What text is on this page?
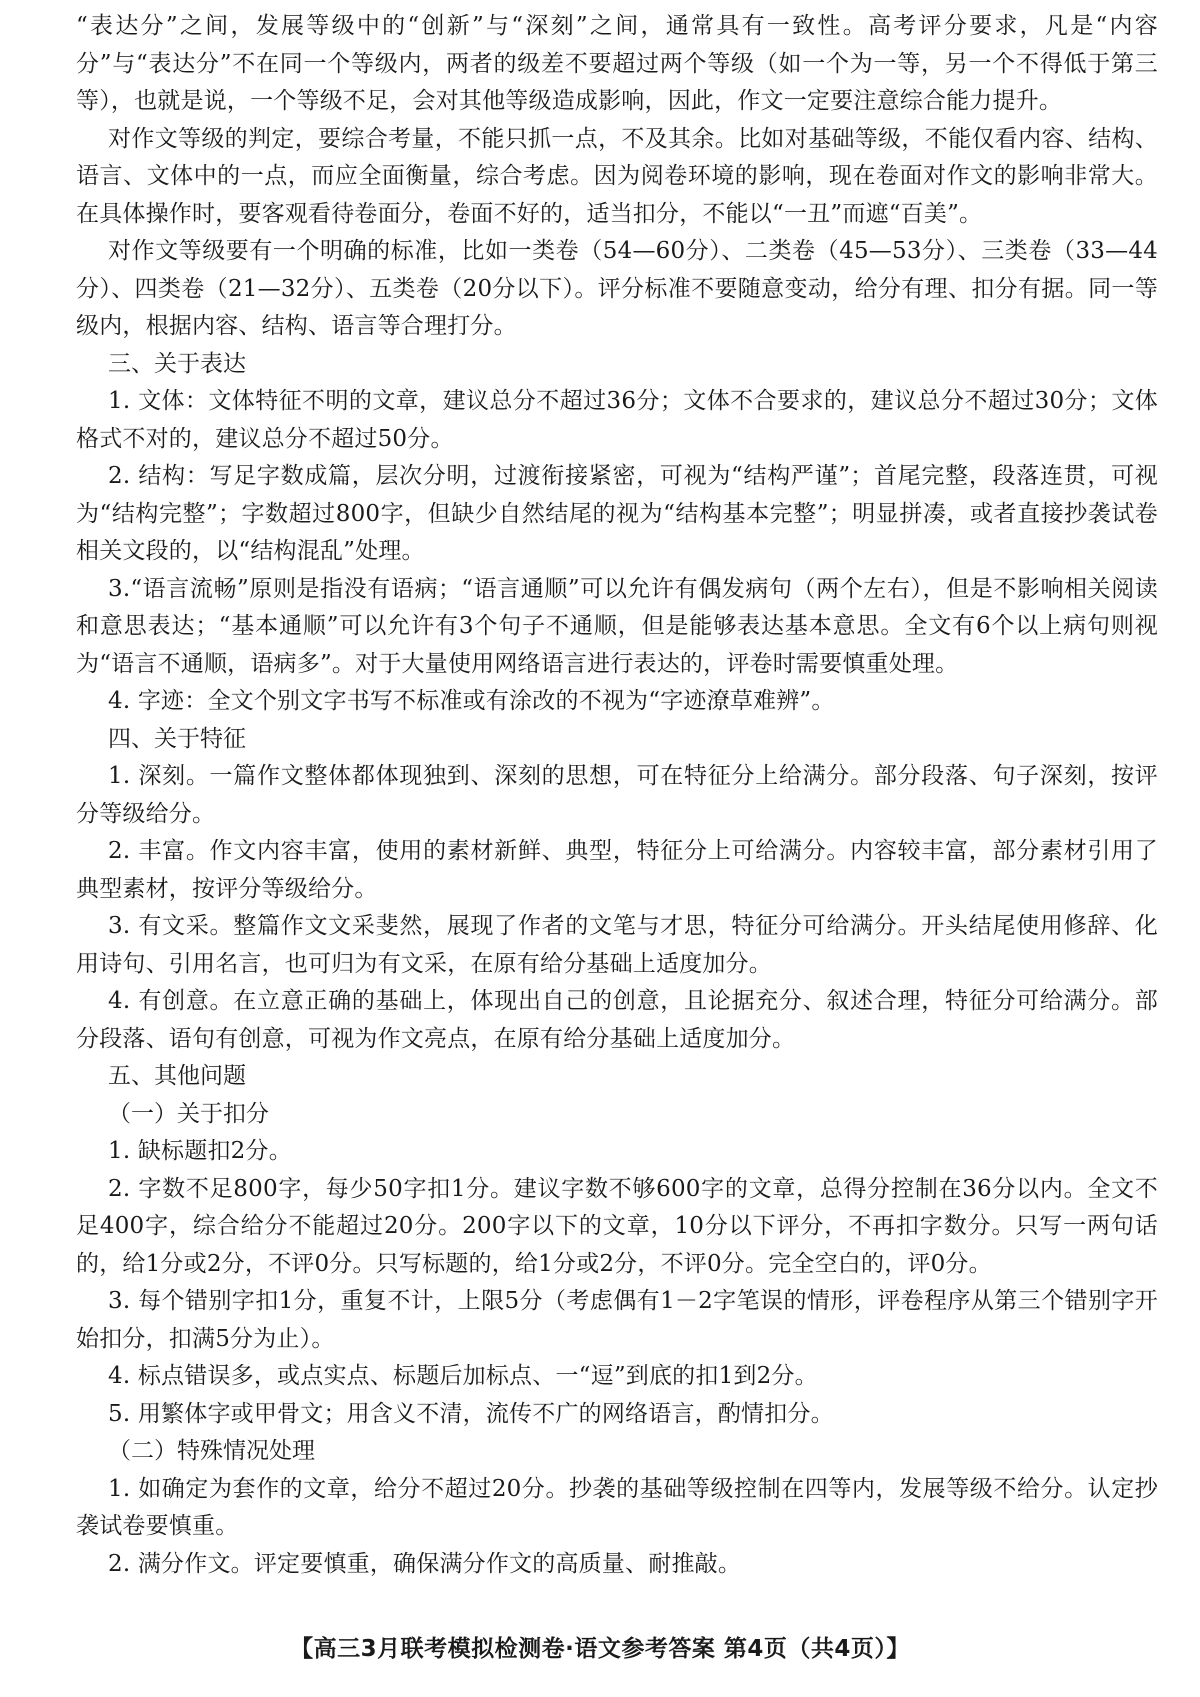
“表达分”之间，发展等级中的“创新”与“深刻”之间，通常具有一致性。高考评分要求，凡是“内容分”与“表达分”不在同一个等级内，两者的级差不要超过两个等级（如一个为一等，另一个不得低于第三等），也就是说，一个等级不足，会对其他等级造成影响，因此，作文一定要注意综合能力提升。

对作文等级的判定，要综合考量，不能只抓一点，不及其余。比如对基础等级，不能仅看内容、结构、语言、文体中的一点，而应全面衡量，综合考虑。因为阅卷环境的影响，现在卷面对作文的影响非常大。在具体操作时，要客观看待卷面分，卷面不好的，适当扣分，不能以“一丑”而遮“百美”。

对作文等级要有一个明确的标准，比如一类卷（54—60分）、二类卷（45—53分）、三类卷（33—44分）、四类卷（21—32分）、五类卷（20分以下）。评分标准不要随意变动，给分有理、扣分有据。同一等级内，根据内容、结构、语言等合理打分。

三、关于表达

1. 文体：文体特征不明的文章，建议总分不超过36分；文体不合要求的，建议总分不超过30分；文体格式不对的，建议总分不超过50分。

2. 结构：写足字数成篇，层次分明，过渡衔接紧密，可视为“结构严谨”；首尾完整，段落连贯，可视为“结构完整”；字数超过800字，但缺少自然结尾的视为“结构基本完整”；明显拼凑，或者直接抄袭试卷相关文段的，以“结构混乱”处理。

3.“语言流畅”原则是指没有语病；“语言通顺”可以允许有偶发病句（两个左右），但是不影响相关阅读和意思表达；“基本通顺”可以允许有3个句子不通顺，但是能够表达基本意思。全文有6个以上病句则视为“语言不通顺，语病多”。对于大量使用网络语言进行表达的，评卷时需要慎重处理。

4. 字迹：全文个别文字书写不标准或有涂改的不视为“字迹潦草难辨”。

四、关于特征

1. 深刻。一篇作文整体都体现独到、深刻的思想，可在特征分上给满分。部分段落、句子深刻，按评分等级给分。

2. 丰富。作文内容丰富，使用的素材新鲜、典型，特征分上可给满分。内容较丰富，部分素材引用了典型素材，按评分等级给分。

3. 有文采。整篇作文文采斐然，展现了作者的文笔与才思，特征分可给满分。开头结尾使用修辞、化用诗句、引用名言，也可归为有文采，在原有给分基础上适度加分。

4. 有创意。在立意正确的基础上，体现出自己的创意，且论据充分、叙述合理，特征分可给满分。部分段落、语句有创意，可视为作文亮点，在原有给分基础上适度加分。

五、其他问题

（一）关于扣分

1. 缺标题扣2分。

2. 字数不足800字，每少50字扣1分。建议字数不够600字的文章，总得分控制在36分以内。全文不足400字，综合给分不能超过20分。200字以下的文章，10分以下评分，不再扣字数分。只写一两句话的，给1分或2分，不评0分。只写标题的，给1分或2分，不评0分。完全空白的，评0分。

3. 每个错别字扣1分，重复不计，上限5分（考虑偶有1－2字笔误的情形，评卷程序从第三个错别字开始扣分，扣满5分为止）。

4. 标点错误多，或点实点、标题后加标点、一“逗”到底的扣1到2分。

5. 用繁体字或甲骨文；用含义不清，流传不广的网络语言，酌情扣分。

（二）特殊情况处理

1. 如确定为套作的文章，给分不超过20分。抄袭的基础等级控制在四等内，发展等级不给分。认定抄袭试卷要慎重。

2. 满分作文。评定要慎重，确保满分作文的高质量、耐推敲。

【高三3月联考模拟检测卷·语文参考答案 第4页（共4页）】
